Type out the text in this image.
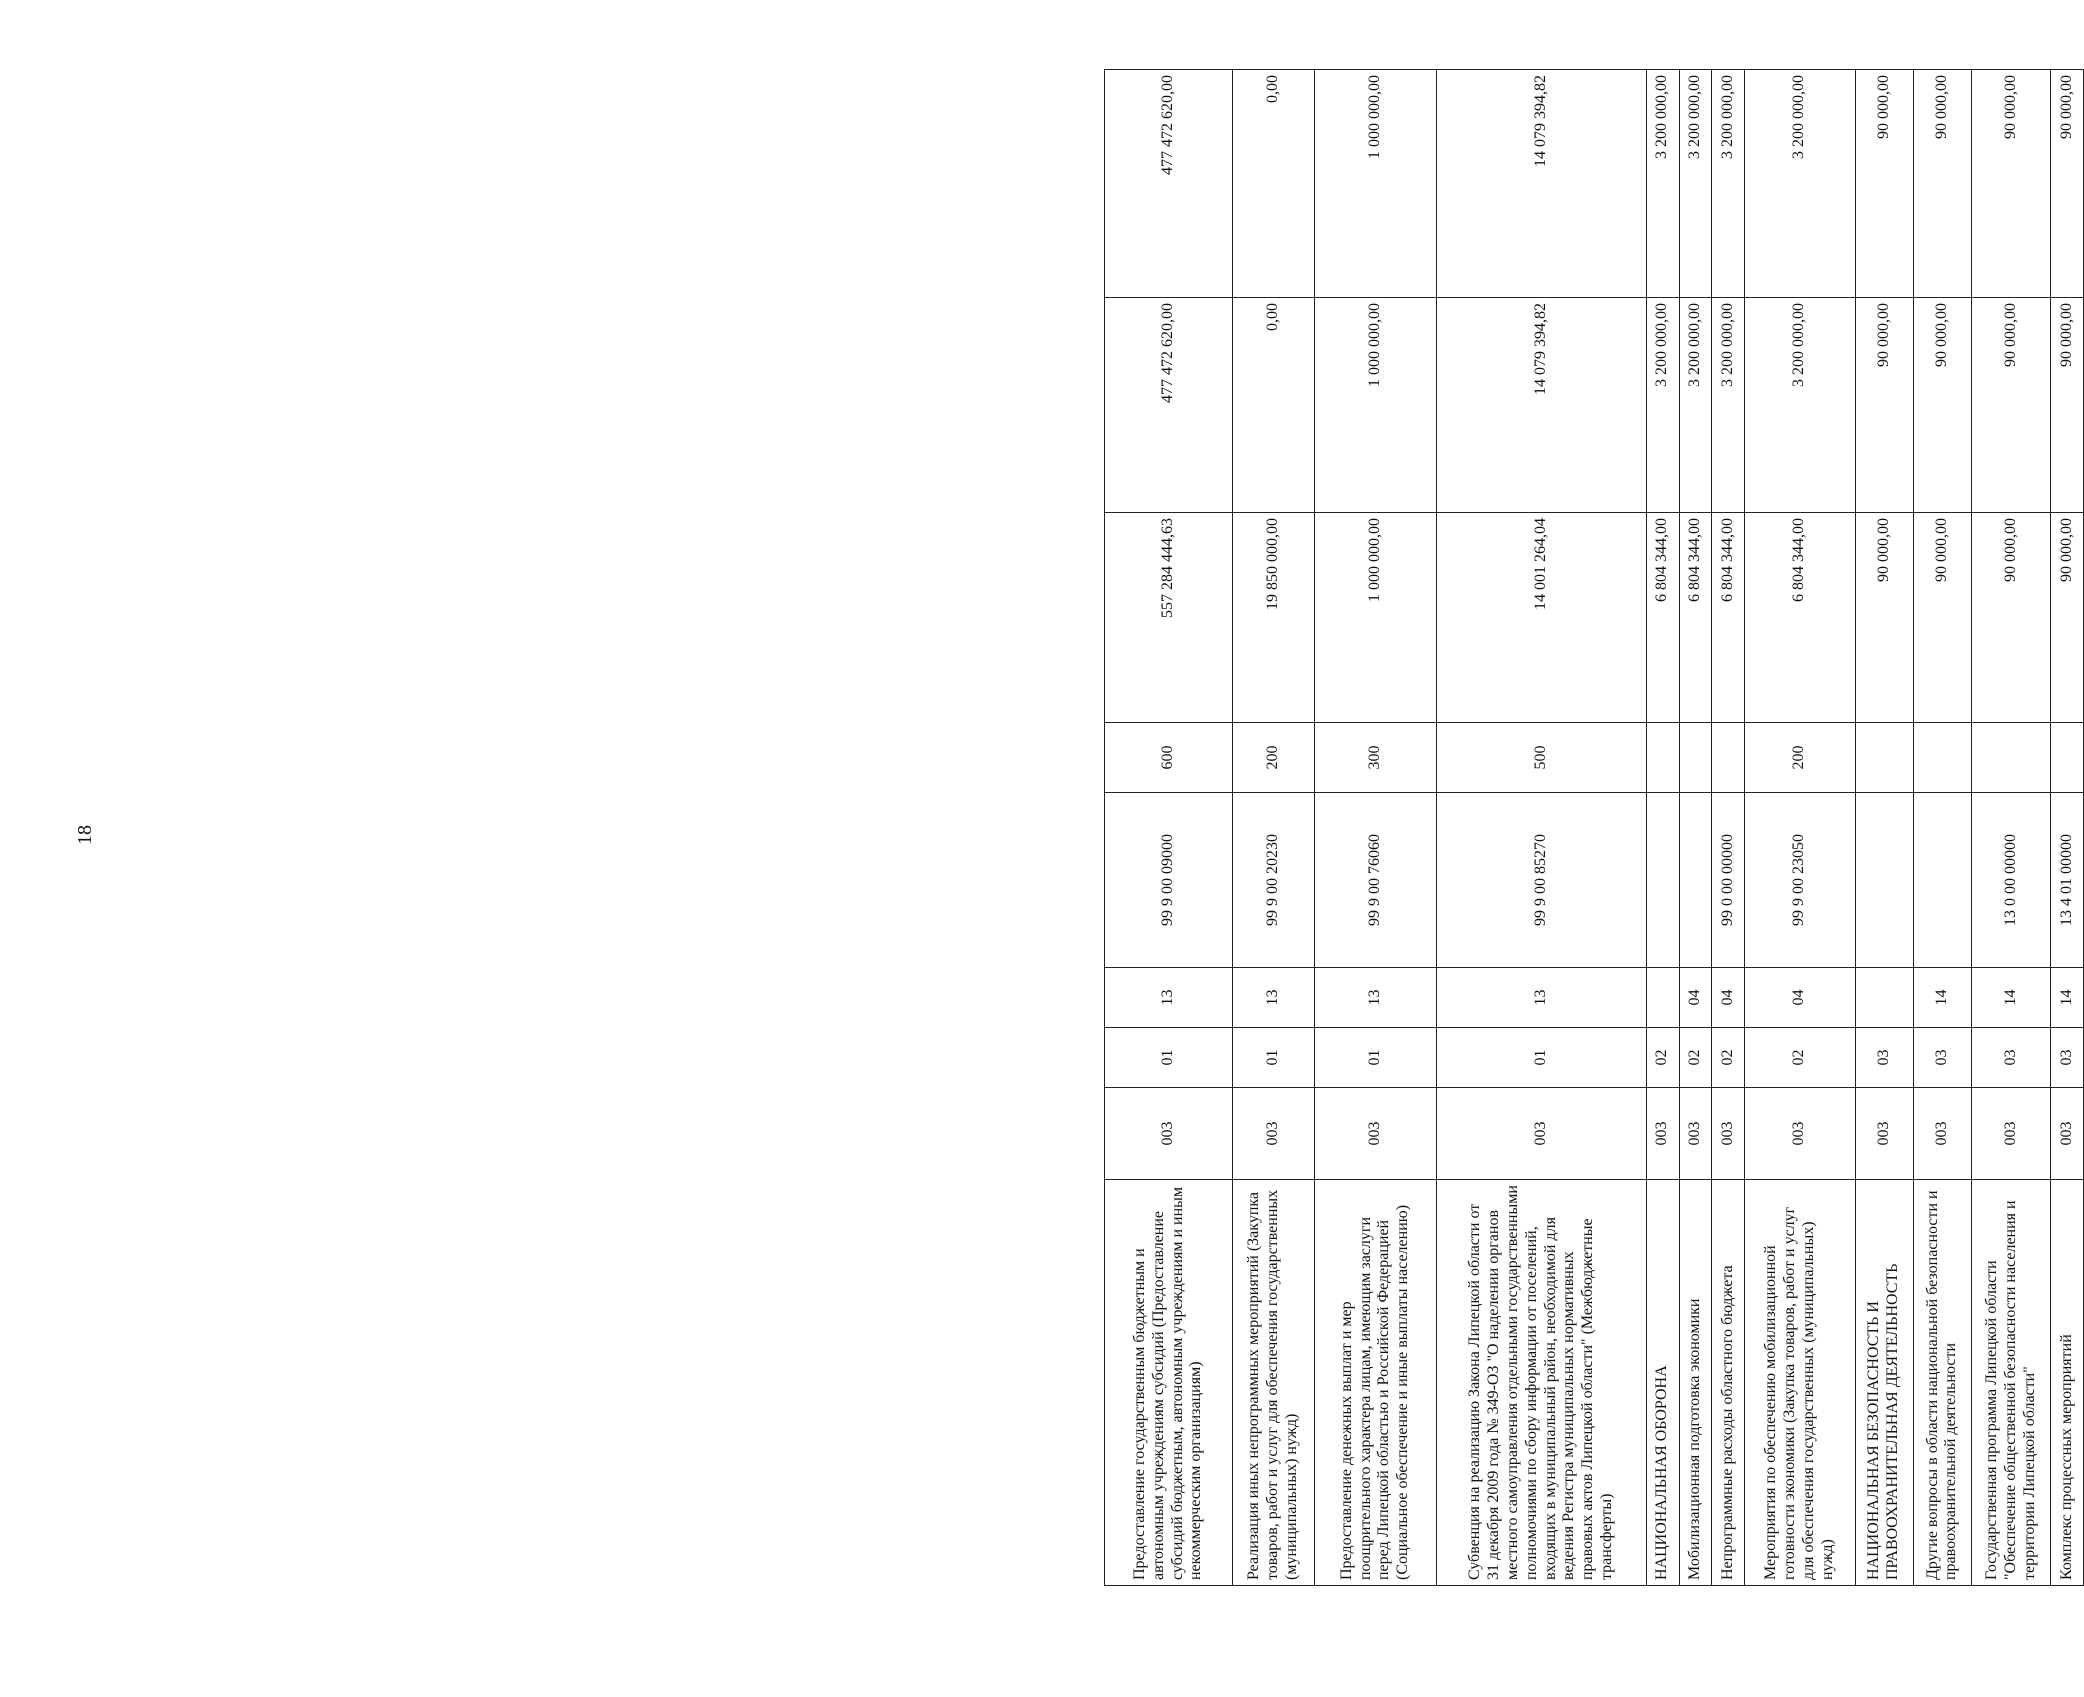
18
Предоставление государственным бюджетным и автономным учреждениям субсидий (Предоставление субсидий бюджетным, автономным учреждениям и иным некоммерческим организациям)	003	01	13	99 9 00 09000	600	557 284 444,63	477 472 620,00	477 472 620,00
Реализация иных непрограммных мероприятий (Закупка товаров, работ и услуг для обеспечения государственных (муниципальных) нужд)	003	01	13	99 9 00 20230	200	19 850 000,00	0,00	0,00
Предоставление денежных выплат и мер поощрительного характера лицам, имеющим заслуги перед Липецкой областью и Российской Федерацией (Социальное обеспечение и иные выплаты населению)	003	01	13	99 9 00 76060	300	1 000 000,00	1 000 000,00	1 000 000,00
Субвенция на реализацию Закона Липецкой области от 31 декабря 2009 года № 349-ОЗ "О наделении органов местного самоуправления отдельными государственными полномочиями по сбору информации от поселений, входящих в муниципальный район, необходимой для ведения Регистра муниципальных нормативных правовых актов Липецкой области" (Межбюджетные трансферты)	003	01	13	99 9 00 85270	500	14 001 264,04	14 079 394,82	14 079 394,82
НАЦИОНАЛЬНАЯ ОБОРОНА	003	02				6 804 344,00	3 200 000,00	3 200 000,00
Мобилизационная подготовка экономики	003	02	04			6 804 344,00	3 200 000,00	3 200 000,00
Непрограммные расходы областного бюджета	003	02	04	99 0 00 00000		6 804 344,00	3 200 000,00	3 200 000,00
Мероприятия по обеспечению мобилизационной готовности экономики (Закупка товаров, работ и услуг для обеспечения государственных (муниципальных) нужд)	003	02	04	99 9 00 23050	200	6 804 344,00	3 200 000,00	3 200 000,00
НАЦИОНАЛЬНАЯ БЕЗОПАСНОСТЬ И ПРАВООХРАНИТЕЛЬНАЯ ДЕЯТЕЛЬНОСТЬ	003	03				90 000,00	90 000,00	90 000,00
Другие вопросы в области национальной безопасности и правоохранительной деятельности	003	03	14			90 000,00	90 000,00	90 000,00
Государственная программа Липецкой области "Обеспечение общественной безопасности населения и территории Липецкой области"	003	03	14	13 0 00 00000		90 000,00	90 000,00	90 000,00
Комплекс процессных мероприятий	003	03	14	13 4 01 00000		90 000,00	90 000,00	90 000,00
